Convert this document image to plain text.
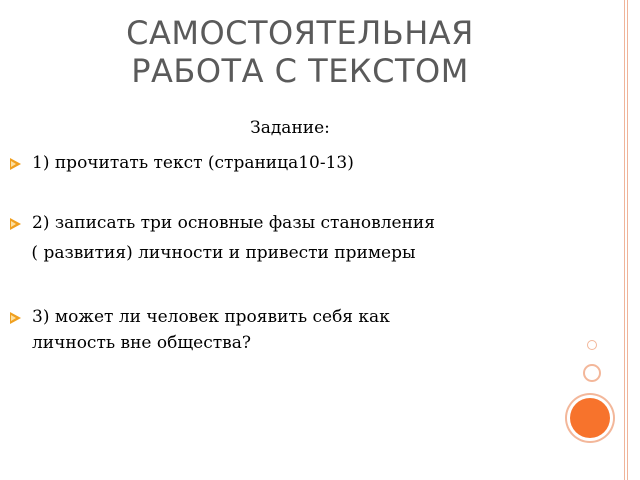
САМОСТОЯТЕЛЬНАЯ
РАБОТА С ТЕКСТОМ
Задание:
1) прочитать текст (страница10-13)
2) записать три основные фазы становления
( развития) личности и привести примеры
3) может ли человек проявить себя как
личность вне общества?
